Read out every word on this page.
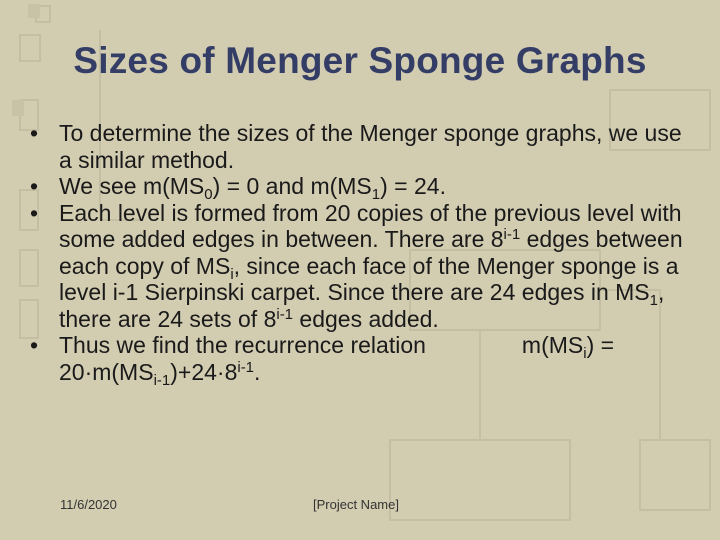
Sizes of Menger Sponge Graphs
• To determine the sizes of the Menger sponge graphs, we use a similar method.
• We see $m(MS_0) = 0$ and $m(MS_1) = 24$.
• Each level is formed from 20 copies of the previous level with some added edges in between. There are 8$^{i-1}$ edges between each copy of $MS_i$, since each face of the Menger sponge is a level i-1 Sierpinski carpet. Since there are 24 edges in $MS_1$, there are 24 sets of 8$^{i-1}$ edges added.
• Thus we find the recurrence relation	$m(MS_i) = 20\cdot m(MS_{i-1})+24\cdot 8^{i-1}$.
11/6/2020	[Project Name]
